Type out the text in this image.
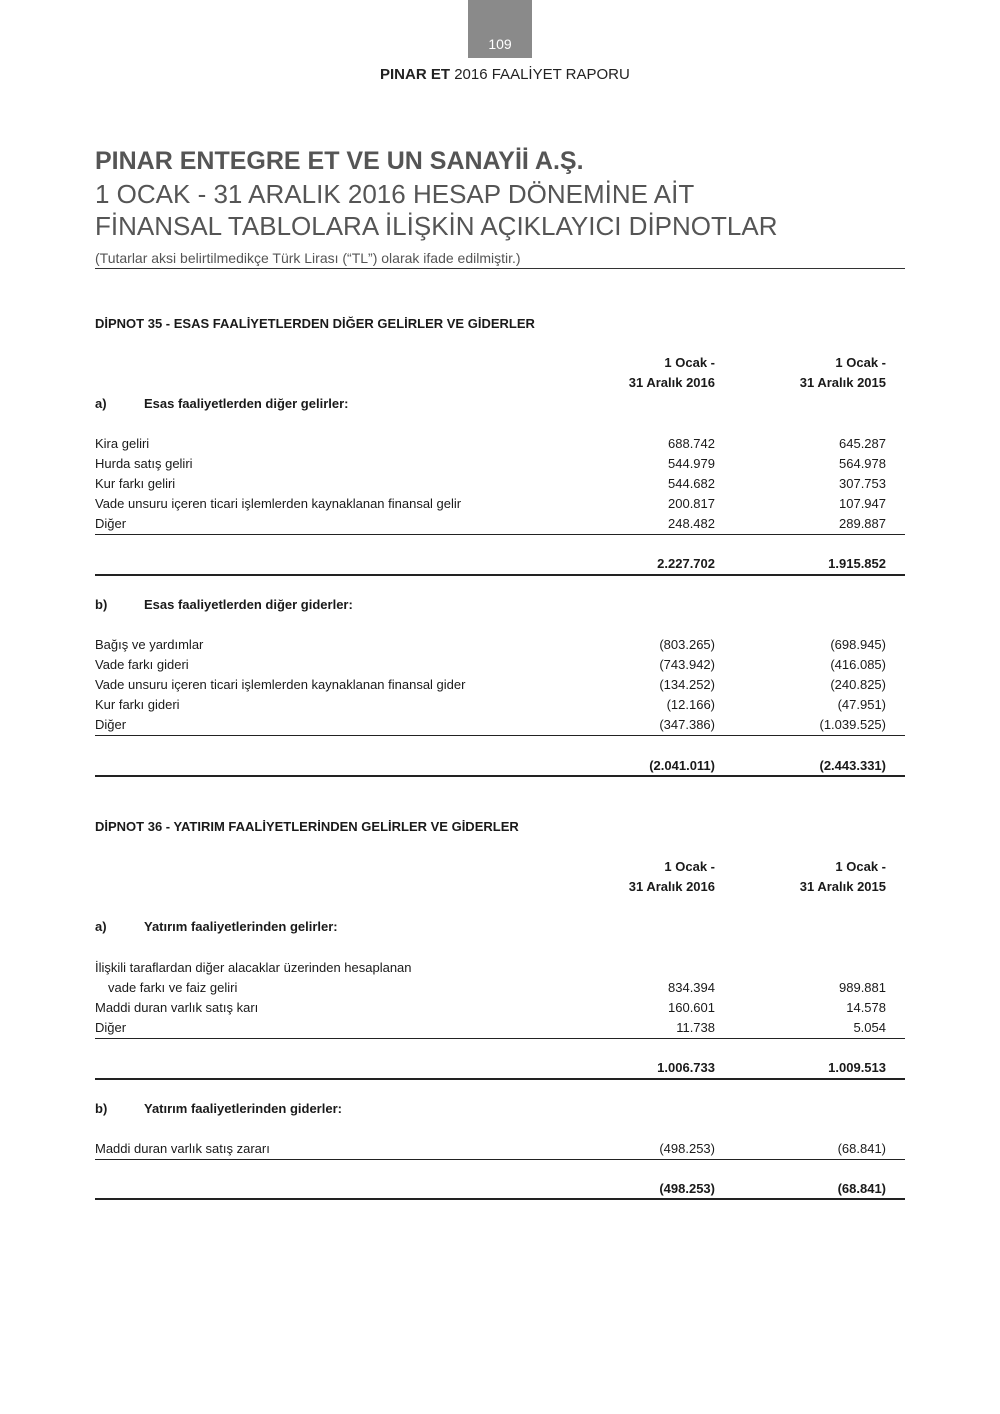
109
PINAR ET 2016 FAALİYET RAPORU
PINAR ENTEGRE ET VE UN SANAYİİ A.Ş.
1 OCAK - 31 ARALIK 2016 HESAP DÖNEMİNE AİT
FİNANSAL TABLOLARA İLİŞKİN AÇIKLAYICI DİPNOTLAR
(Tutarlar aksi belirtilmedikçe Türk Lirası (“TL”) olarak ifade edilmiştir.)
DİPNOT 35 - ESAS FAALİYETLERDEN DİĞER GELİRLER VE GİDERLER
1 Ocak -	1 Ocak -
31 Aralık 2016	31 Aralık 2015
a)	Esas faaliyetlerden diğer gelirler:
Kira geliri	688.742	645.287
Hurda satış geliri	544.979	564.978
Kur farkı geliri	544.682	307.753
Vade unsuru içeren ticari işlemlerden kaynaklanan finansal gelir	200.817	107.947
Diğer	248.482	289.887
2.227.702	1.915.852
b)	Esas faaliyetlerden diğer giderler:
Bağış ve yardımlar	(803.265)	(698.945)
Vade farkı gideri	(743.942)	(416.085)
Vade unsuru içeren ticari işlemlerden kaynaklanan finansal gider	(134.252)	(240.825)
Kur farkı gideri	(12.166)	(47.951)
Diğer	(347.386)	(1.039.525)
(2.041.011)	(2.443.331)
DİPNOT 36 - YATIRIM FAALİYETLERİNDEN GELİRLER VE GİDERLER
1 Ocak -	1 Ocak -
31 Aralık 2016	31 Aralık 2015
a)	Yatırım faaliyetlerinden gelirler:
İlişkili taraflardan diğer alacaklar üzerinden hesaplanan
vade farkı ve faiz geliri	834.394	989.881
Maddi duran varlık satış karı	160.601	14.578
Diğer	11.738	5.054
1.006.733	1.009.513
b)	Yatırım faaliyetlerinden giderler:
Maddi duran varlık satış zararı	(498.253)	(68.841)
(498.253)	(68.841)
